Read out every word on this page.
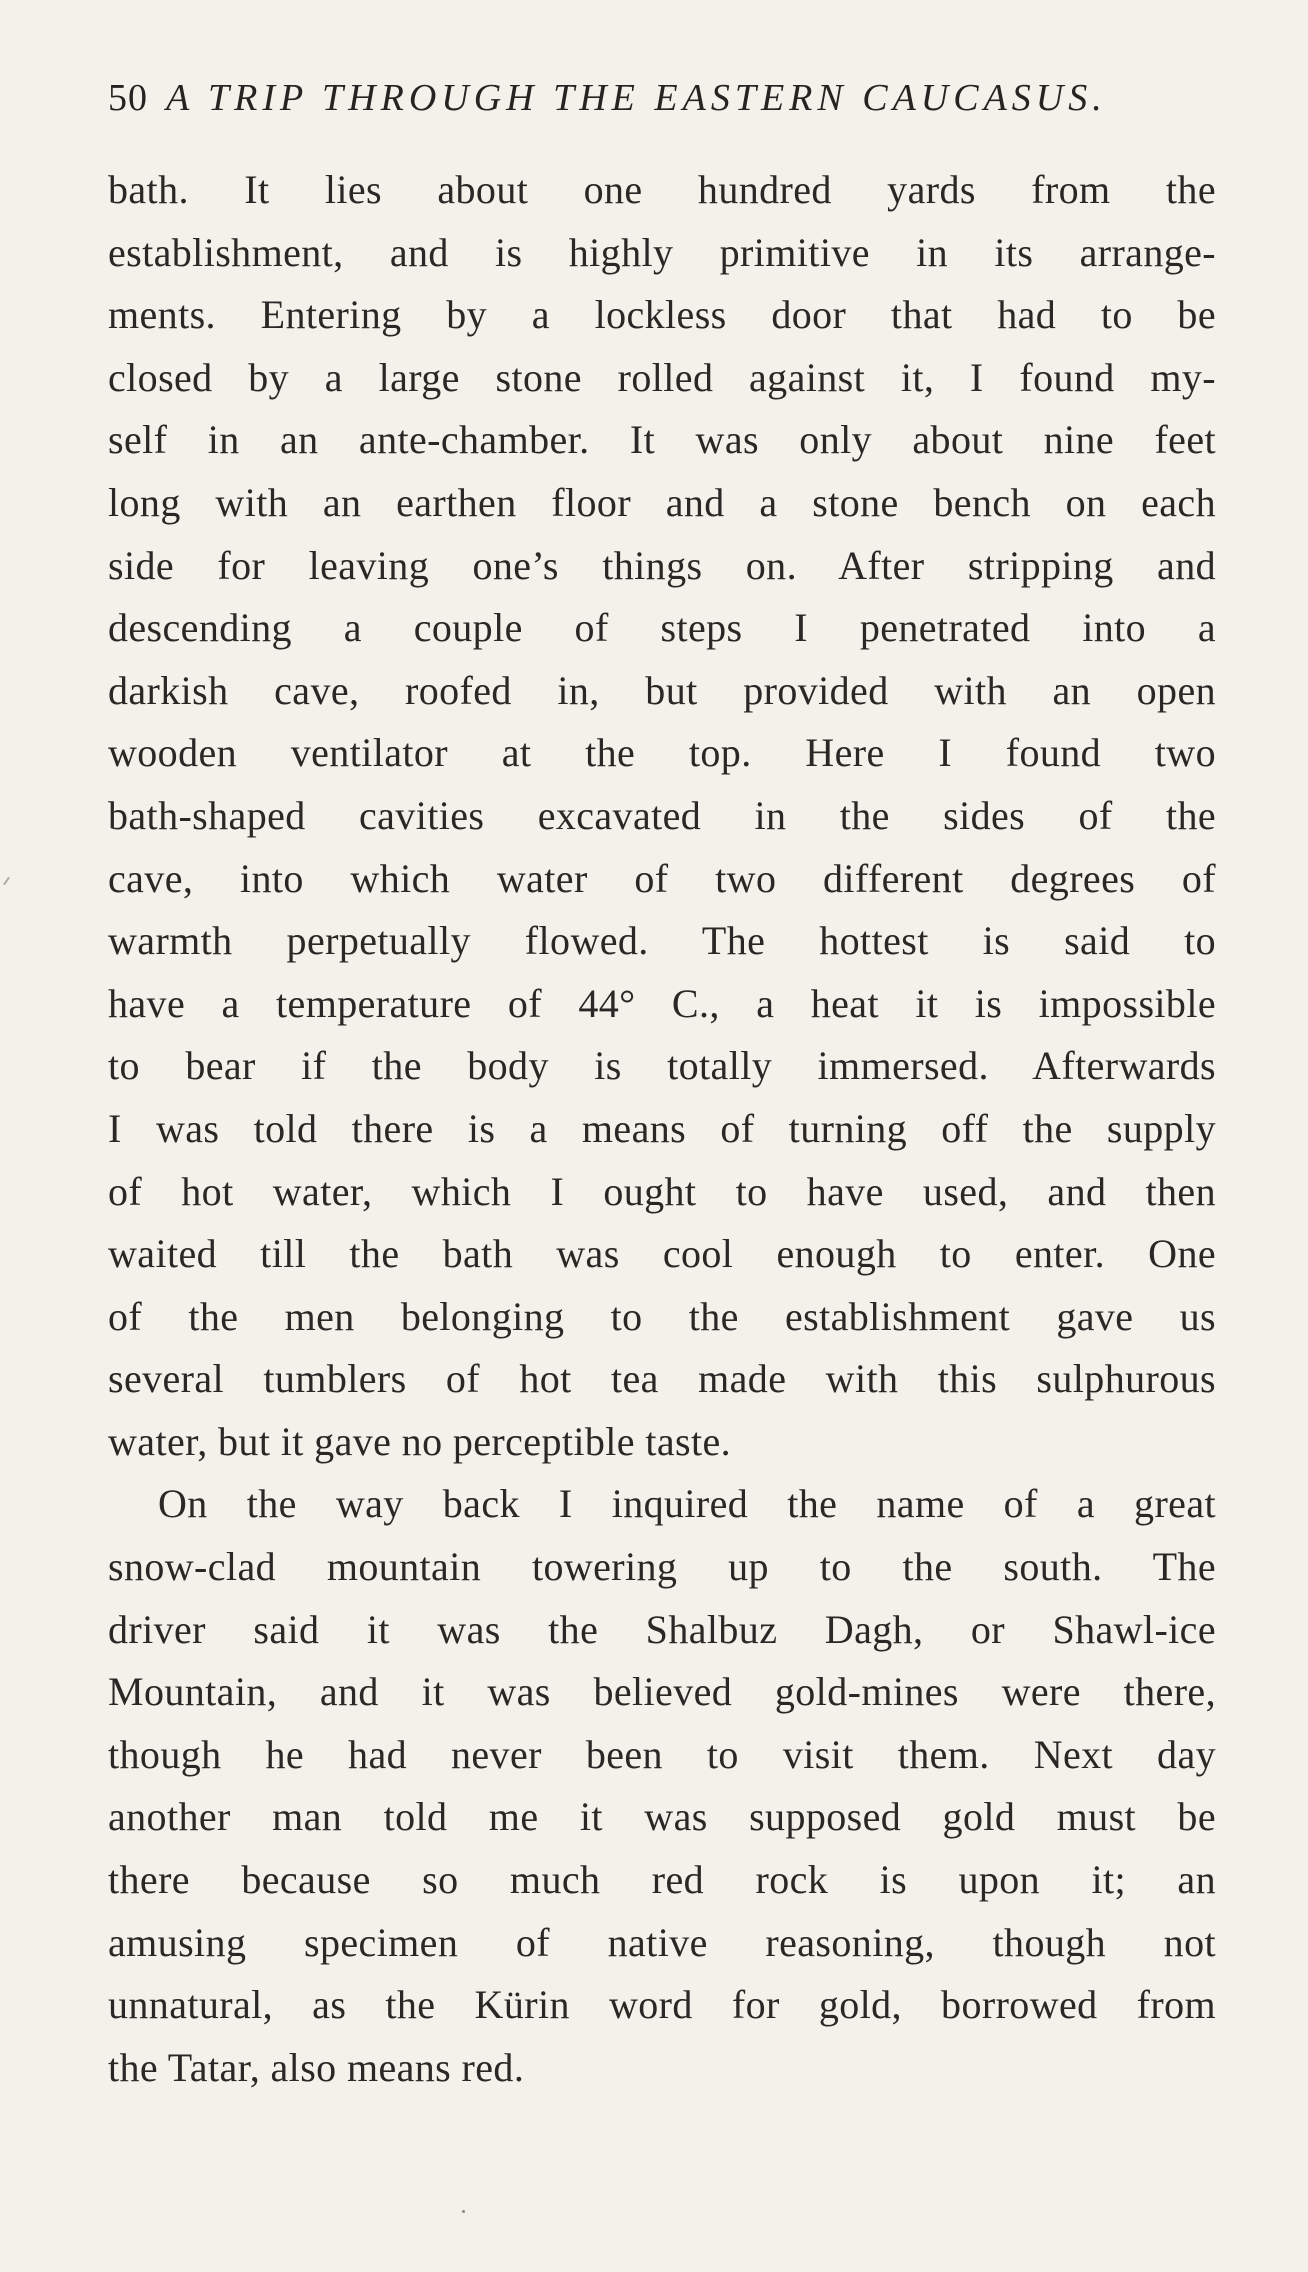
50 A TRIP THROUGH THE EASTERN CAUCASUS.
bath. It lies about one hundred yards from the
establishment, and is highly primitive in its arrange-
ments. Entering by a lockless door that had to be
closed by a large stone rolled against it, I found my-
self in an ante-chamber. It was only about nine feet
long with an earthen floor and a stone bench on each
side for leaving one’s things on. After stripping and
descending a couple of steps I penetrated into a
darkish cave, roofed in, but provided with an open
wooden ventilator at the top. Here I found two
bath-shaped cavities excavated in the sides of the
cave, into which water of two different degrees of
warmth perpetually flowed. The hottest is said to
have a temperature of 44° C., a heat it is impossible
to bear if the body is totally immersed. Afterwards
I was told there is a means of turning off the supply
of hot water, which I ought to have used, and then
waited till the bath was cool enough to enter. One
of the men belonging to the establishment gave us
several tumblers of hot tea made with this sulphurous
water, but it gave no perceptible taste.
On the way back I inquired the name of a great
snow-clad mountain towering up to the south. The
driver said it was the Shalbuz Dagh, or Shawl-ice
Mountain, and it was believed gold-mines were there,
though he had never been to visit them. Next day
another man told me it was supposed gold must be
there because so much red rock is upon it; an
amusing specimen of native reasoning, though not
unnatural, as the Kürin word for gold, borrowed from
the Tatar, also means red.
